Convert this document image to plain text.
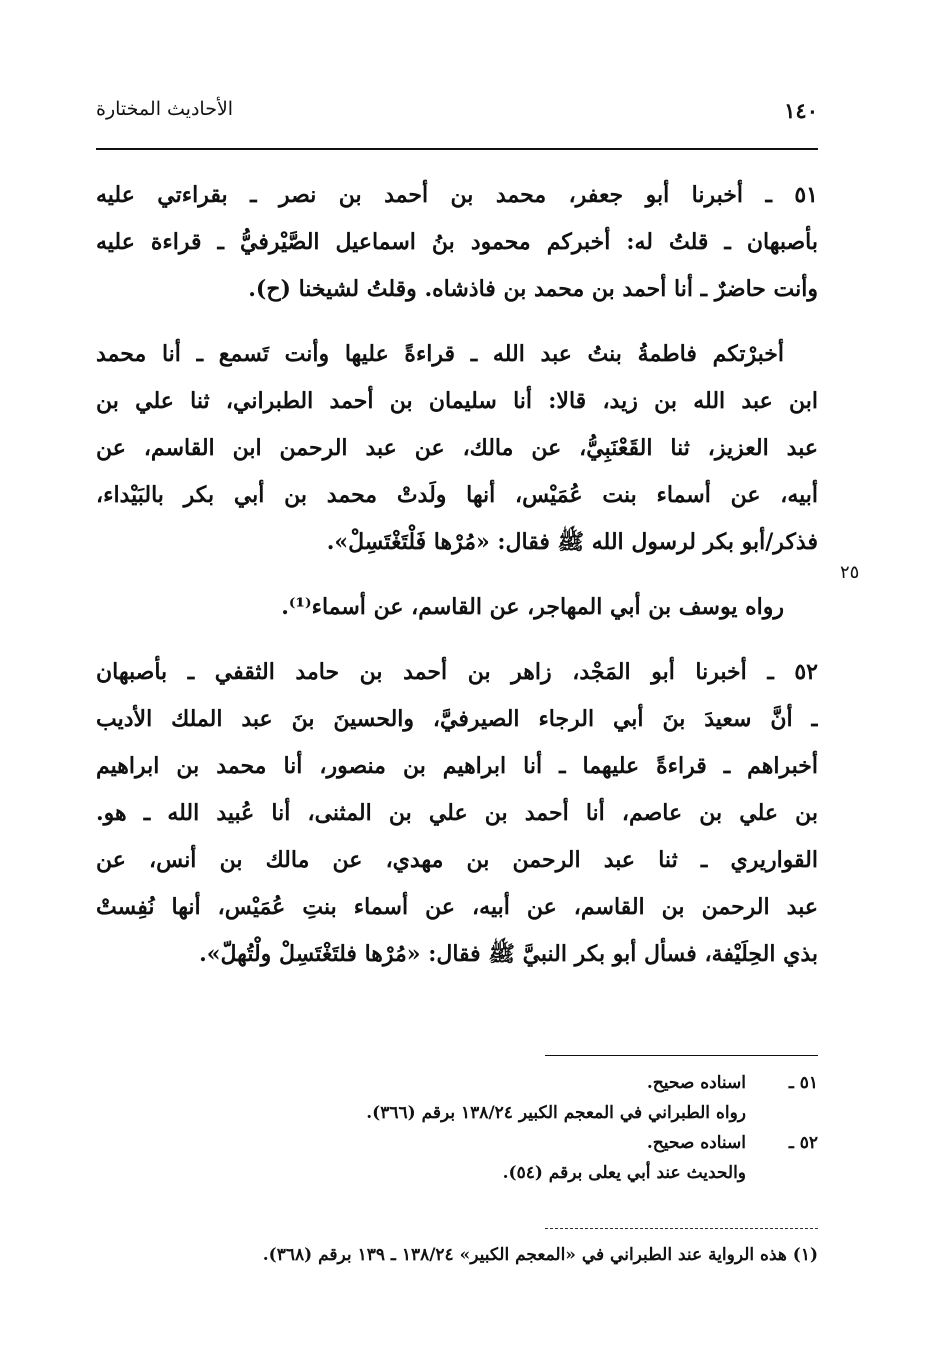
١٤٠
الأحاديث المختارة
٥١ ـ أخبرنا أبو جعفر، محمد بن أحمد بن نصر ـ بقراءتي عليه
بأصبهان ـ قلتُ له: أخبركم محمود بنُ اسماعيل الصَّيْرفيُّ ـ قراءة عليه
وأنت حاضرٌ ـ أنا أحمد بن محمد بن فاذشاه. وقلتُ لشيخنا (ح).
أخبرْتكم فاطمةُ بنتُ عبد الله ـ قراءةً عليها وأنت تَسمع ـ أنا محمد
ابن عبد الله بن زيد، قالا: أنا سليمان بن أحمد الطبراني، ثنا علي بن
عبد العزيز، ثنا القَعْنَبِيُّ، عن مالك، عن عبد الرحمن ابن القاسم، عن
أبيه، عن أسماء بنت عُمَيْس، أنها ولَدتْ محمد بن أبي بكر بالبَيْداء،
فذكر/أبو بكر لرسول الله ﷺ فقال: «مُرْها فَلْتَغْتَسِلْ».
رواه يوسف بن أبي المهاجر، عن القاسم، عن أسماء⁽¹⁾.
٥٢ ـ أخبرنا أبو المَجْد، زاهر بن أحمد بن حامد الثقفي ـ بأصبهان
ـ أنَّ سعيدَ بنَ أبي الرجاء الصيرفيَّ، والحسينَ بنَ عبد الملك الأديب
أخبراهم ـ قراءةً عليهما ـ أنا ابراهيم بن منصور، أنا محمد بن ابراهيم
بن علي بن عاصم، أنا أحمد بن علي بن المثنى، أنا عُبيد الله ـ هو.
القواريري ـ ثنا عبد الرحمن بن مهدي، عن مالك بن أنس، عن
عبد الرحمن بن القاسم، عن أبيه، عن أسماء بنتِ عُمَيْس، أنها نُفِستْ
بذي الحِلَيْفة، فسأل أبو بكر النبيَّ ﷺ فقال: «مُرْها فلتَغْتَسِلْ ولْتُهلّ».
٢٥
٥١ ـاسناده صحيح.
رواه الطبراني في المعجم الكبير ١٣٨/٢٤ برقم (٣٦٦).
٥٢ ـاسناده صحيح.
والحديث عند أبي يعلى برقم (٥٤).
(١) هذه الرواية عند الطبراني في «المعجم الكبير» ١٣٨/٢٤ ـ ١٣٩ برقم (٣٦٨).
